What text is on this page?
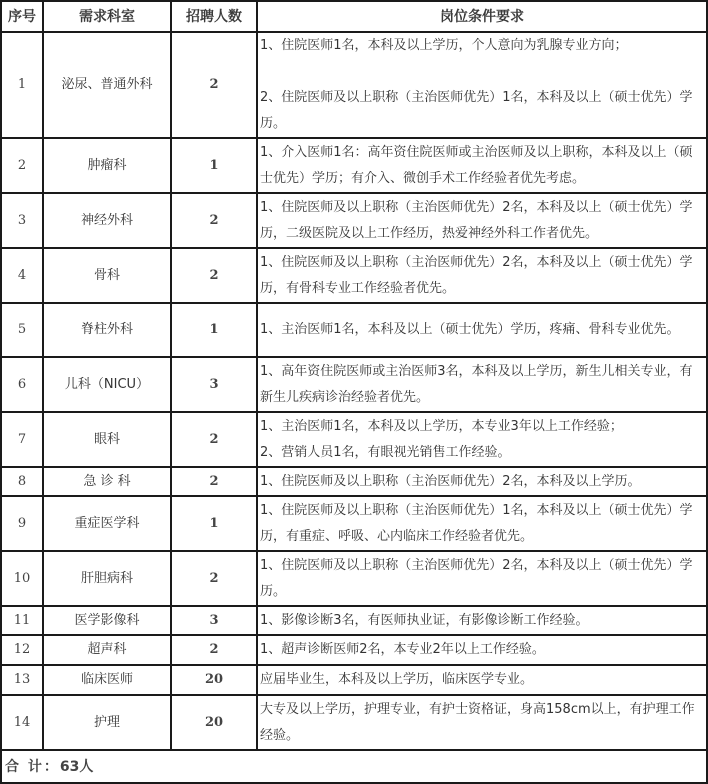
序号	需求科室	招聘人数	岗位条件要求
1	泌尿、普通外科	2	1、住院医师1名，本科及以上学历，个人意向为乳腺专业方向；
2、住院医师及以上职称（主治医师优先）1名，本科及以上（硕士优先）学历。

2	肿瘤科	1	1、介入医师1名：高年资住院医师或主治医师及以上职称，本科及以上（硕士优先）学历；有介入、微创手术工作经验者优先考虑。

3	神经外科	2	1、住院医师及以上职称（主治医师优先）2名，本科及以上（硕士优先）学历，二级医院及以上工作经历，热爱神经外科工作者优先。

4	骨科	2	1、住院医师及以上职称（主治医师优先）2名，本科及以上（硕士优先）学历，有骨科专业工作经验者优先。

5	脊柱外科	1	1、主治医师1名，本科及以上（硕士优先）学历，疼痛、骨科专业优先。

6	儿科（NICU）	3	1、高年资住院医师或主治医师3名，本科及以上学历，新生儿相关专业，有新生儿疾病诊治经验者优先。

7	眼科	2	1、主治医师1名，本科及以上学历，本专业3年以上工作经验；
2、营销人员1名，有眼视光销售工作经验。

8	急 诊 科	2	1、住院医师及以上职称（主治医师优先）2名，本科及以上学历。

9	重症医学科	1	1、住院医师及以上职称（主治医师优先）1名，本科及以上（硕士优先）学历，有重症、呼吸、心内临床工作经验者优先。

10	肝胆病科	2	1、住院医师及以上职称（主治医师优先）2名，本科及以上（硕士优先）学历。

11	医学影像科	3	1、影像诊断3名，有医师执业证，有影像诊断工作经验。

12	超声科	2	1、超声诊断医师2名，本专业2年以上工作经验。

13	临床医师	20	应届毕业生，本科及以上学历，临床医学专业。

14	护理	20	大专及以上学历，护理专业，有护士资格证，身高158cm以上，有护理工作经验。

合 计：63人			
